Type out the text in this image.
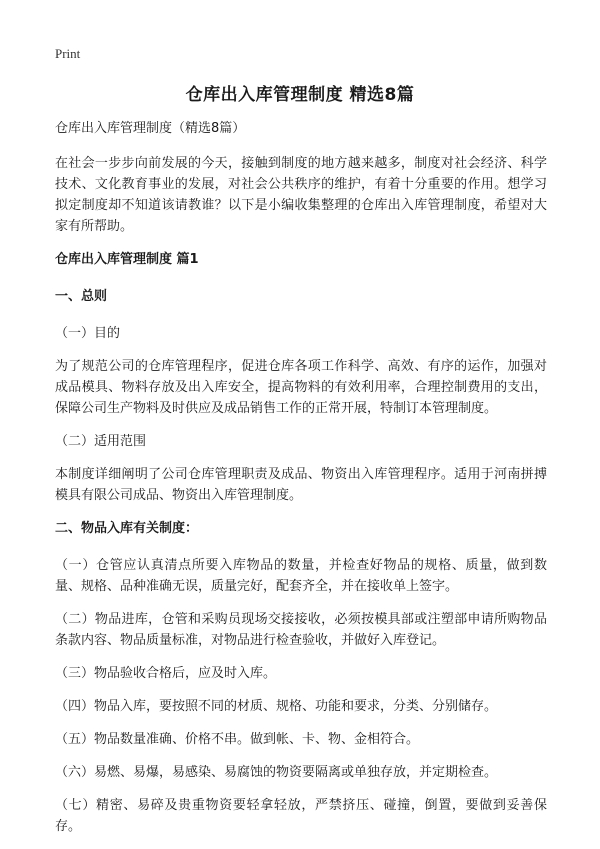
Print
仓库出入库管理制度 精选8篇

仓库出入库管理制度（精选8篇）

在社会一步步向前发展的今天，接触到制度的地方越来越多，制度对社会经济、科学技术、文化教育事业的发展，对社会公共秩序的维护，有着十分重要的作用。想学习拟定制度却不知道该请教谁？以下是小编收集整理的仓库出入库管理制度，希望对大家有所帮助。

仓库出入库管理制度 篇1

一、总则

（一）目的

为了规范公司的仓库管理程序，促进仓库各项工作科学、高效、有序的运作，加强对成品模具、物料存放及出入库安全，提高物料的有效利用率，合理控制费用的支出，保障公司生产物料及时供应及成品销售工作的正常开展，特制订本管理制度。

（二）适用范围

本制度详细阐明了公司仓库管理职责及成品、物资出入库管理程序。适用于河南拼搏模具有限公司成品、物资出入库管理制度。

二、物品入库有关制度：

（一）仓管应认真清点所要入库物品的数量，并检查好物品的规格、质量，做到数量、规格、品种准确无误，质量完好，配套齐全，并在接收单上签字。

（二）物品进库，仓管和采购员现场交接接收，必须按模具部或注塑部申请所购物品条款内容、物品质量标准，对物品进行检查验收，并做好入库登记。

（三）物品验收合格后，应及时入库。

（四）物品入库，要按照不同的材质、规格、功能和要求，分类、分别储存。

（五）物品数量准确、价格不串。做到帐、卡、物、金相符合。

（六）易燃、易爆，易感染、易腐蚀的物资要隔离或单独存放，并定期检查。

（七）精密、易碎及贵重物资要轻拿轻放，严禁挤压、碰撞，倒置，要做到妥善保存。
